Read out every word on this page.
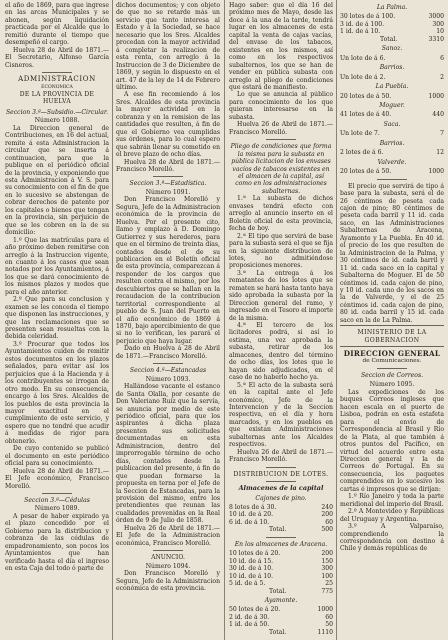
el año de 1869, para que ingrese en las arcas Municipales y se abonen, según liquidación practicada por el Alcalde que lo remitió durante el tiempo que desempeñó el cargo.

Huelva 28 de Abril de 1871.—El Secretario, Alfonso García Cisneros.

ADMINISTRACION

ECONOMICA

DE LA PROVINCIA DE HUELVA

Seccion 3.ª—Subsidio.—Circular.

Número 1088.

La Direccion general de Contribuciones, en 16 del actual, remite á esta Administracion la circular que se inserta á continuacion, para que la publique en el periódico oficial de la provincia, y exponiendo que esta Administracion á V. S. para su conocimiento con el fin de que en lo sucesivo se abstengan de cobrar derechos de patente por los capitales o bienes que tengan en la provincia, sin perjuicio de que se les cobren en la de su domicilio:

1.º Que las matrículas para el año próximo deben remitirse con arreglo á la Instruccion vigente, en cuanto á los casos que sean notados por los Ayuntamientos, á los que se dará conocimiento de los mismos plazos y modos que para el año anterior.

2.º Que para su conclusion y examen se les conceda el tiempo que disponen las instrucciones, y que las reclamaciones que se presenten sean resueltas con la debida celeridad.

3.º Procurar que todos los Ayuntamientos cuiden de remitir estos documentos en los plazos señalados, para evitar así los perjuicios que á la Hacienda y á los contribuyentes se irrogan de otro modo. En su consecuencia, encargo á los Sres. Alcaldes de los pueblos de esta provincia la mayor exactitud en el cumplimiento de este servicio, y espero que no tendré que acudir á medidas de rigor para obtenerlo.

De cuyo contenido se publicó el documento en este periódico oficial para su conocimiento.

Huelva 28 de Abril de 1871.—El Jefe económico, Francisco Morelló.

Seccion 3.ª—Cédulas

Número 1089.

A pesar de haber expirado ya el plazo concedido por el Gobierno para la distribucion y cobranza de las cédulas de empadronamiento, son pocos los Ayuntamientos que han verificado hasta el día el ingreso en esta Caja del todo ó parte de

dichos documentos; y con objeto de que no se retarde más un servicio que tanto interesa al Estado y á la Sociedad, se hace necesario que los Sres. Alcaldes procedan con la mayor actividad á completar la realizacion de esta renta, con arreglo á la Instruccion de 3 de Diciembre de 1869, y según lo dispuesto en el art. 47 de la ley de 14 de Febrero último.

A ese fin recomiendo á los Sres. Alcaldes de esta provincia la mayor actividad en la cobranza y en la remision de las cantidades que resulten, á fin de que el Gobierno vea cumplidas sus órdenes, para lo cual espero que sabrán llenar su cometido en el breve plazo de ocho días.

Huelva 28 de Abril de 1871.—Francisco Morelló.

Seccion 3.ª—Estadística.

Número 1091.

Don Francisco Morelló y Segura, Jefe de la Administracion económica de la provincia de Huelva. Por el presente cito, llamo y emplazo á D. Domingo Gutierrez y sus herederos, para que en el término de treinta días, contados desde el de su publicacion en el Boletín oficial de esta provincia, comparezcan á responder de los cargos que resulten contra el mismo, por los descubiertos que se hallan en la recaudacion de la contribucion territorial correspondiente al pueblo de S. Juan del Puerto en el año económico de 1869 á 1870, bajo apercibimiento de que si no lo verifican, les parará el perjuicio que haya lugar.

Dado en Huelva á 28 de Abril de 1871.—Francisco Morelló.

Seccion 4.ª—Estancadas

Número 1093.

Hallándose vacante el estanco de Santa Olalla, por cesante de Don Valeriano Ruiz que la servía, se anuncia por medio de este periódico oficial, para que los aspirantes á dicha plaza presenten sus solicitudes documentadas en esta Administracion, dentro del improrrogable término de ocho días, contados desde la publicacion del presente, á fin de que puedan formarse la propuesta en terna por el Jefe de la Seccion de Estancadas, para la provision del mismo, entre los pretendientes que reunan las cualidades prevenidas en la Real órden de 9 de Julio de 1858.

Huelva 26 de Abril de 1871.—El Jefe de la Administracion económica, Francisco Morelló.

ANUNCIO.

Número 1094.

Don Francisco Morelló y Segura, Jefe de la Administracion económica de esta provincia.

Hago saber: que el día 16 del próximo mes de Mayo, desde las doce á la una de la tarde, tendrá lugar en los almacenes de esta capital la venta de cajas vacías, del envase de los tabacos, existentes en los mismos, así como en los respectivos subalternos, los que se han de vender en pública subasta con arreglo al pliego de condiciones que estará de manifiesto.

Lo que se anuncia al público para conocimiento de los que quieran interesarse en la subasta.

Huelva 26 de Abril de 1871.—Francisco Morelló.

Pliego de condiciones que forma la misma para la subasta en pública licitacion de los envases vacíos de tabacos existentes en el almacen de la capital, así como en los administraciones subalternas.

1.ª La subasta de dichos envases tendrá efecto con arreglo al anuncio inserto en el Boletín oficial de esta provincia, fecha de hoy.

2.ª El tipo que servirá de base para la subasta será el que se fija en la siguiente distribucion de lotes, no admitiéndose proposiciones menores.

3.ª La entrega á los rematantes de los lotes que se rematen se hará hasta tanto haya sido aprobada la subasta por la Direccion general del ramo, y ingresado en el Tesoro el importe de la misma.

4.ª El tercero de los licitadores podrá, si así lo estima, una vez aprobada la subasta, retirar de los almacenes, dentro del término de ocho días, los lotes que le hayan sido adjudicados, en el caso de no haberlo hecho ya.

5.ª El acto de la subasta será en la capital ante el Jefe económico, Jefe de la Intervencion y de la Seccion respectiva, en el día y hora marcados, y en los pueblos en que existan Administraciones subalternas ante los Alcaldes respectivos.

Huelva 26 de Abril de 1871.—Francisco Morelló.

DISTRIBUCION DE LOTES.

Almacenes de la capital

Cajones de pino.

8 lotes de á 30.	240
10 id. de á 20.	200
6 id. de á 10.	60
Total.	500

En los almacenes de Aracena.

10 lotes de á 20.	200
10 id. de á 15.	150
30 id. de á 10.	300
10 id. de á 10.	100
5 id. de á 5.	25
Total.	775

Ayamonte.

50 lotes de á 20.	1000
2 id. de á 30.	60
1 id. de á 50.	50
Total.	1110

La Palma.

30 lotes de á 100.	3000
3 id. de á 100.	300
1 id. de á 10.	10
Total.	3310

Sanoz.

Un lote de á 6.	6

Barrios.

Un lote de á 2.	2

La Puebla.

20 lotes de á 50.	1000

Moguer.

41 lotes de á 40.	440

Saca.

Un lote de 7.	7

Barrios.

2 lotes de á 6.	12

Valverde.

20 lotes de á 50.	1000

El precio que servirá de tipo á base para la subasta, será el de 26 céntimos de peseta cada cajon de pino; 80 céntimos de peseta cada barril y 11 id. cada saco, en las Administraciones Subalternas de Aracena, Ayamonte y La Puebla. En 40 id. el precio de los que resulten de la Administracion de la Palma, y 30 céntimos de id. cada barril y 11 id. cada saco en la capital y Subalterna de Moguer. El de 50 céntimos id. cada cajon de pino, y 10 id. cada uno de los sacos en la de Valverde, y el de 25 céntimos id. cada cajon de pino, 80 id. cada barril y 15 id. cada saco en la de La Palma.

MINISTERIO DE LA GOBERNACION

DIRECCION GENERAL

de Comunicaciones.

Seccion de Correos.

Número 1095.

Las expediciones de los buques Correos ingleses que hacen escala en el puerto de Lisboa, podrán en esta estafeta para el envío de Correspondencia al Brasil y Río de la Plata, al que también á otros puntos del Pacífico, en virtud del acuerdo entre esta Direccion general y la de Correos de Portugal. En su consecuencia, los paquetes comprendidos en lo sucesivo los cartas é impresos que se dirijan:

1.º Río Janeiro y toda la parte meridional del imperio del Brasil.

2.º A Montevideo y Repúblicas del Uruguay y Argentina.

3.º A Valparaíso, comprendiendo la correspondencia con destino á Chile y demás repúblicas de
